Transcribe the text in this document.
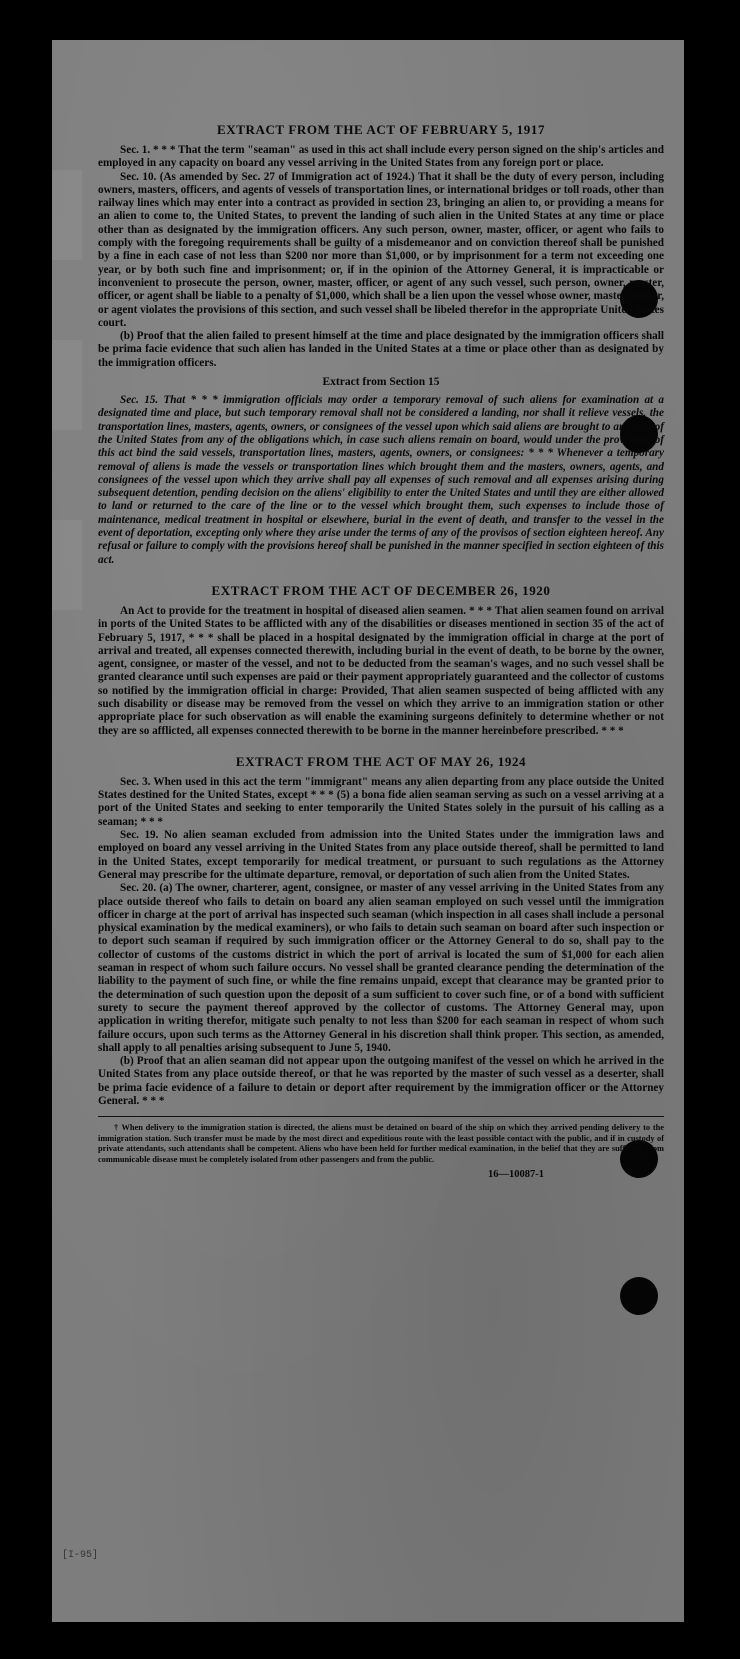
EXTRACT FROM THE ACT OF FEBRUARY 5, 1917

Sec. 1. * * * That the term "seaman" as used in this act shall include every person signed on the ship's articles and employed in any capacity on board any vessel arriving in the United States from any foreign port or place.

Sec. 10. (As amended by Sec. 27 of Immigration act of 1924.) That it shall be the duty of every person, including owners, masters, officers, and agents of vessels of transportation lines, or international bridges or toll roads, other than railway lines which may enter into a contract as provided in section 23, bringing an alien to, or providing a means for an alien to come to, the United States, to prevent the landing of such alien in the United States at any time or place other than as designated by the immigration officers. Any such person, owner, master, officer, or agent who fails to comply with the foregoing requirements shall be guilty of a misdemeanor and on conviction thereof shall be punished by a fine in each case of not less than $200 nor more than $1,000, or by imprisonment for a term not exceeding one year, or by both such fine and imprisonment; or, if in the opinion of the Attorney General, it is impracticable or inconvenient to prosecute the person, owner, master, officer, or agent of any such vessel, such person, owner, master, officer, or agent shall be liable to a penalty of $1,000, which shall be a lien upon the vessel whose owner, master, officer, or agent violates the provisions of this section, and such vessel shall be libeled therefor in the appropriate United States court.

(b) Proof that the alien failed to present himself at the time and place designated by the immigration officers shall be prima facie evidence that such alien has landed in the United States at a time or place other than as designated by the immigration officers.

Extract from Section 15

Sec. 15. That * * * immigration officials may order a temporary removal of such aliens for examination at a designated time and place, but such temporary removal shall not be considered a landing, nor shall it relieve vessels, the transportation lines, masters, agents, owners, or consignees of the vessel upon which said aliens are brought to any port of the United States from any of the obligations which, in case such aliens remain on board, would under the provisions of this act bind the said vessels, transportation lines, masters, agents, owners, or consignees: * * * Whenever a temporary removal of aliens is made the vessels or transportation lines which brought them and the masters, owners, agents, and consignees of the vessel upon which they arrive shall pay all expenses of such removal and all expenses arising during subsequent detention, pending decision on the aliens' eligibility to enter the United States and until they are either allowed to land or returned to the care of the line or to the vessel which brought them, such expenses to include those of maintenance, medical treatment in hospital or elsewhere, burial in the event of death, and transfer to the vessel in the event of deportation, excepting only where they arise under the terms of any of the provisos of section eighteen hereof. Any refusal or failure to comply with the provisions hereof shall be punished in the manner specified in section eighteen of this act.

EXTRACT FROM THE ACT OF DECEMBER 26, 1920

An Act to provide for the treatment in hospital of diseased alien seamen. * * * That alien seamen found on arrival in ports of the United States to be afflicted with any of the disabilities or diseases mentioned in section 35 of the act of February 5, 1917, * * * shall be placed in a hospital designated by the immigration official in charge at the port of arrival and treated, all expenses connected therewith, including burial in the event of death, to be borne by the owner, agent, consignee, or master of the vessel, and not to be deducted from the seaman's wages, and no such vessel shall be granted clearance until such expenses are paid or their payment appropriately guaranteed and the collector of customs so notified by the immigration official in charge: Provided, That alien seamen suspected of being afflicted with any such disability or disease may be removed from the vessel on which they arrive to an immigration station or other appropriate place for such observation as will enable the examining surgeons definitely to determine whether or not they are so afflicted, all expenses connected therewith to be borne in the manner hereinbefore prescribed. * * *

EXTRACT FROM THE ACT OF MAY 26, 1924

Sec. 3. When used in this act the term "immigrant" means any alien departing from any place outside the United States destined for the United States, except * * * (5) a bona fide alien seaman serving as such on a vessel arriving at a port of the United States and seeking to enter temporarily the United States solely in the pursuit of his calling as a seaman; * * *

Sec. 19. No alien seaman excluded from admission into the United States under the immigration laws and employed on board any vessel arriving in the United States from any place outside thereof, shall be permitted to land in the United States, except temporarily for medical treatment, or pursuant to such regulations as the Attorney General may prescribe for the ultimate departure, removal, or deportation of such alien from the United States.

Sec. 20. (a) The owner, charterer, agent, consignee, or master of any vessel arriving in the United States from any place outside thereof who fails to detain on board any alien seaman employed on such vessel until the immigration officer in charge at the port of arrival has inspected such seaman (which inspection in all cases shall include a personal physical examination by the medical examiners), or who fails to detain such seaman on board after such inspection or to deport such seaman if required by such immigration officer or the Attorney General to do so, shall pay to the collector of customs of the customs district in which the port of arrival is located the sum of $1,000 for each alien seaman in respect of whom such failure occurs. No vessel shall be granted clearance pending the determination of the liability to the payment of such fine, or while the fine remains unpaid, except that clearance may be granted prior to the determination of such question upon the deposit of a sum sufficient to cover such fine, or of a bond with sufficient surety to secure the payment thereof approved by the collector of customs. The Attorney General may, upon application in writing therefor, mitigate such penalty to not less than $200 for each seaman in respect of whom such failure occurs, upon such terms as the Attorney General in his discretion shall think proper. This section, as amended, shall apply to all penalties arising subsequent to June 5, 1940.

(b) Proof that an alien seaman did not appear upon the outgoing manifest of the vessel on which he arrived in the United States from any place outside thereof, or that he was reported by the master of such vessel as a deserter, shall be prima facie evidence of a failure to detain or deport after requirement by the immigration officer or the Attorney General. * * *

† When delivery to the immigration station is directed, the aliens must be detained on board of the ship on which they arrived pending delivery to the immigration station. Such transfer must be made by the most direct and expeditious route with the least possible contact with the public, and if in custody of private attendants, such attendants shall be competent. Aliens who have been held for further medical examination, in the belief that they are suffering from communicable disease must be completely isolated from other passengers and from the public.

16—10087-1
[I-95]
